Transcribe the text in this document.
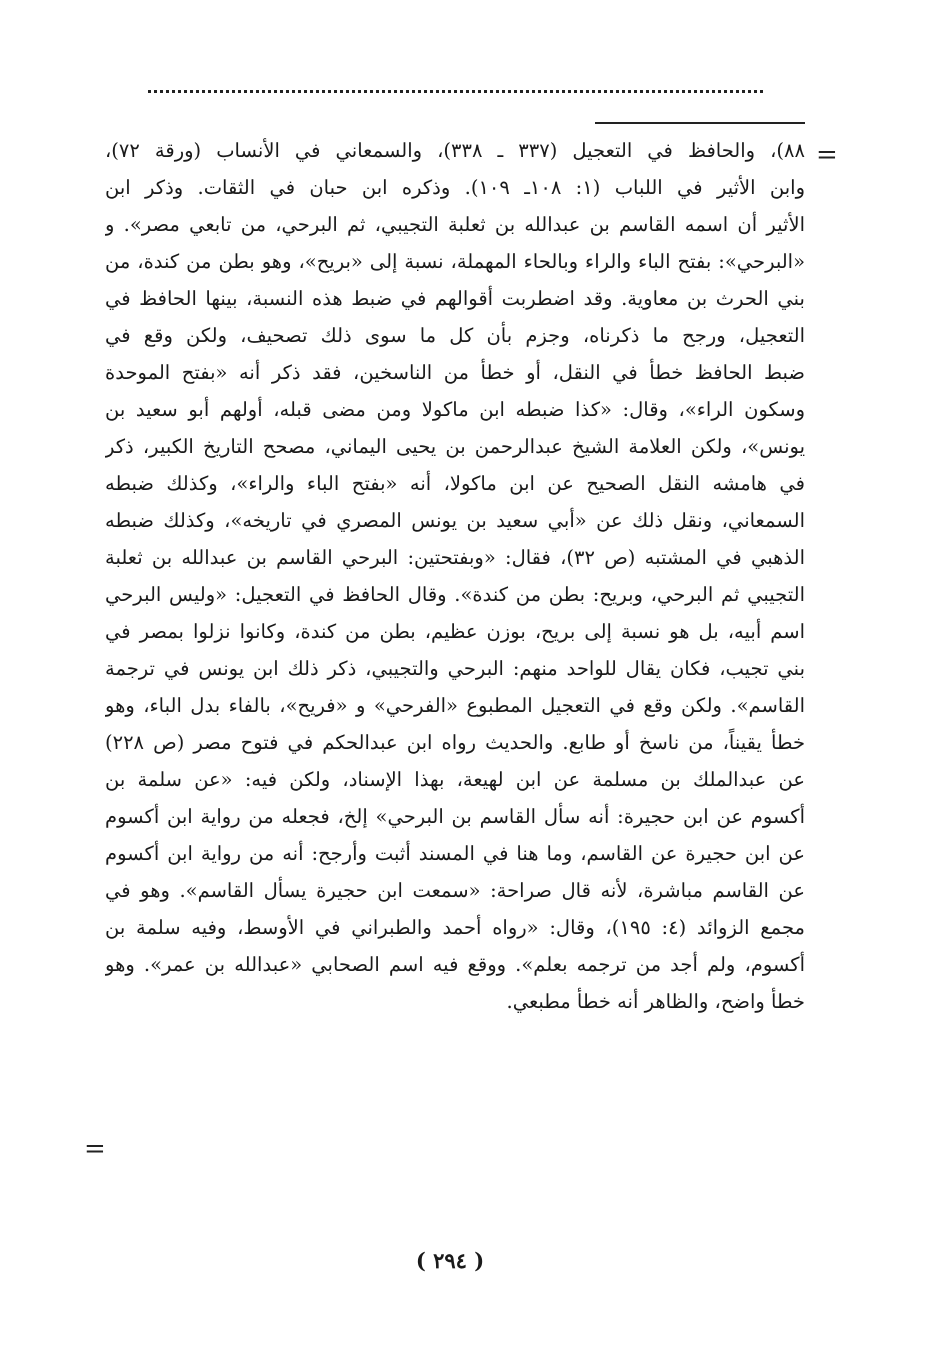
=
٨٨)، والحافظ في التعجيل (٣٣٧ ـ ٣٣٨)، والسمعاني في الأنساب (ورقة ٧٢)،
وابن الأثير في اللباب (١: ١٠٨ـ ١٠٩). وذكره ابن حبان في الثقات. وذكر ابن
الأثير أن اسمه القاسم بن عبدالله بن ثعلبة التجيبي، ثم البرحي، من تابعي مصر». و
«البرحي»: بفتح الباء والراء وبالحاء المهملة، نسبة إلى «بريح»، وهو بطن من كندة، من
بني الحرث بن معاوية. وقد اضطربت أقوالهم في ضبط هذه النسبة، بينها الحافظ في
التعجيل، ورجح ما ذكرناه، وجزم بأن كل ما سوى ذلك تصحيف، ولكن وقع في
ضبط الحافظ خطأ في النقل، أو خطأ من الناسخين، فقد ذكر أنه «بفتح الموحدة
وسكون الراء»، وقال: «كذا ضبطه ابن ماكولا ومن مضى قبله، أولهم أبو سعيد بن
يونس»، ولكن العلامة الشيخ عبدالرحمن بن يحيى اليماني، مصحح التاريخ الكبير، ذكر
في هامشه النقل الصحيح عن ابن ماكولا، أنه «بفتح الباء والراء»، وكذلك ضبطه
السمعاني، ونقل ذلك عن «أبي سعيد بن يونس المصري في تاريخه»، وكذلك ضبطه
الذهبي في المشتبه (ص ٣٢)، فقال: «وبفتحتين: البرحي القاسم بن عبدالله بن ثعلبة
التجيبي ثم البرحي، وبريح: بطن من كندة». وقال الحافظ في التعجيل: «وليس البرحي
اسم أبيه، بل هو نسبة إلى بريح، بوزن عظيم، بطن من كندة، وكانوا نزلوا بمصر في
بني تجيب، فكان يقال للواحد منهم: البرحي والتجيبي، ذكر ذلك ابن يونس في ترجمة
القاسم». ولكن وقع في التعجيل المطبوع «الفرحي» و «فريح»، بالفاء بدل الباء، وهو
خطأ يقيناً، من ناسخ أو طابع. والحديث رواه ابن عبدالحكم في فتوح مصر (ص ٢٢٨)
عن عبدالملك بن مسلمة عن ابن لهيعة، بهذا الإسناد، ولكن فيه: «عن سلمة بن
أكسوم عن ابن حجيرة: أنه سأل القاسم بن البرحي» إلخ، فجعله من رواية ابن أكسوم
عن ابن حجيرة عن القاسم، وما هنا في المسند أثبت وأرجح: أنه من رواية ابن أكسوم
عن القاسم مباشرة، لأنه قال صراحة: «سمعت ابن حجيرة يسأل القاسم». وهو في
مجمع الزوائد (٤: ١٩٥)، وقال: «رواه أحمد والطبراني في الأوسط، وفيه سلمة بن
أكسوم، ولم أجد من ترجمه بعلم». ووقع فيه اسم الصحابي «عبدالله بن عمر». وهو
خطأ واضح، والظاهر أنه خطأ مطبعي.
=
( ٢٩٤ )
